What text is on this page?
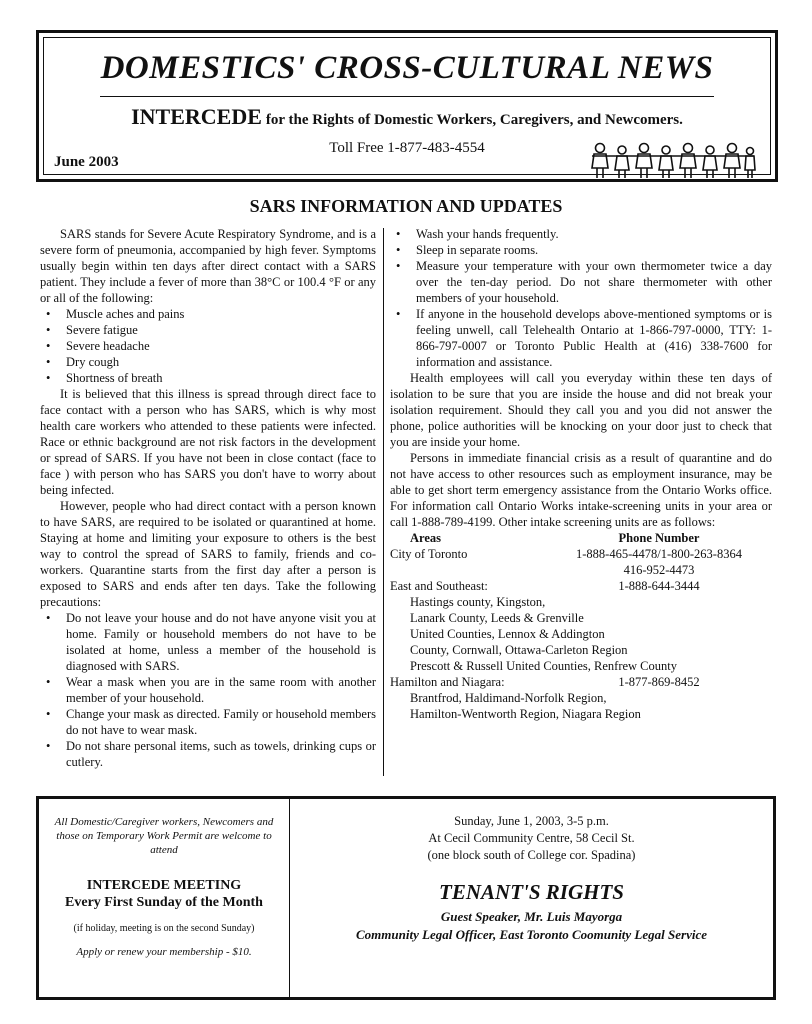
DOMESTICS' CROSS-CULTURAL NEWS
INTERCEDE for the Rights of Domestic Workers, Caregivers, and Newcomers.
Toll Free 1-877-483-4554
June 2003
SARS INFORMATION AND UPDATES

SARS stands for Severe Acute Respiratory Syndrome, and is a severe form of pneumonia, accompanied by high fever. Symptoms usually begin within ten days after direct contact with a SARS patient. They include a fever of more than 38°C or 100.4 °F or any or all of the following:

• Muscle aches and pains
• Severe fatigue
• Severe headache
• Dry cough
• Shortness of breath

It is believed that this illness is spread through direct face to face contact with a person who has SARS, which is why most health care workers who attended to these patients were infected. Race or ethnic background are not risk factors in the development or spread of SARS. If you have not been in close contact (face to face ) with person who has SARS you don't have to worry about being infected.

However, people who had direct contact with a person known to have SARS, are required to be isolated or quarantined at home. Staying at home and limiting your exposure to others is the best way to control the spread of SARS to family, friends and co-workers. Quarantine starts from the first day after a person is exposed to SARS and ends after ten days. Take the following precautions:

• Do not leave your house and do not have anyone visit you at home. Family or household members do not have to be isolated at home, unless a member of the household is diagnosed with SARS.
• Wear a mask when you are in the same room with another member of your household.
• Change your mask as directed. Family or household members do not have to wear mask.
• Do not share personal items, such as towels, drinking cups or cutlery.
• Wash your hands frequently.
• Sleep in separate rooms.
• Measure your temperature with your own thermometer twice a day over the ten-day period. Do not share thermometer with other members of your household.
• If anyone in the household develops above-mentioned symptoms or is feeling unwell, call Telehealth Ontario at 1-866-797-0000, TTY: 1-866-797-0007 or Toronto Public Health at (416) 338-7600 for information and assistance.

Health employees will call you everyday within these ten days of isolation to be sure that you are inside the house and did not break your isolation requirement. Should they call you and you did not answer the phone, police authorities will be knocking on your door just to check that you are inside your home.

Persons in immediate financial crisis as a result of quarantine and do not have access to other resources such as employment insurance, may be able to get short term emergency assistance from the Ontario Works office. For information call Ontario Works intake-screening units in your area or call 1-888-789-4199. Other intake screening units are as follows:

Areas	Phone Number
City of Toronto	1-888-465-4478/1-800-263-8364
	416-952-4473
East and Southeast:	1-888-644-3444
Hastings county, Kingston,	
Lanark County, Leeds & Grenville	
United Counties, Lennox & Addington	
County, Cornwall, Ottawa-Carleton Region	
Prescott & Russell United Counties, Renfrew County	
Hamilton and Niagara:	1-877-869-8452
Brantfrod, Haldimand-Norfolk Region,	
Hamilton-Wentworth Region, Niagara Region	
All Domestic/Caregiver workers, Newcomers and those on Temporary Work Permit are welcome to attend
INTERCEDE MEETING
Every First Sunday of the Month
(if holiday, meeting is on the second Sunday)
Apply or renew your membership - $10.
Sunday, June 1, 2003, 3-5 p.m.
At Cecil Community Centre, 58 Cecil St.
(one block south of College cor. Spadina)
TENANT'S RIGHTS
Guest Speaker, Mr. Luis Mayorga
Community Legal Officer, East Toronto Coomunity Legal Service
